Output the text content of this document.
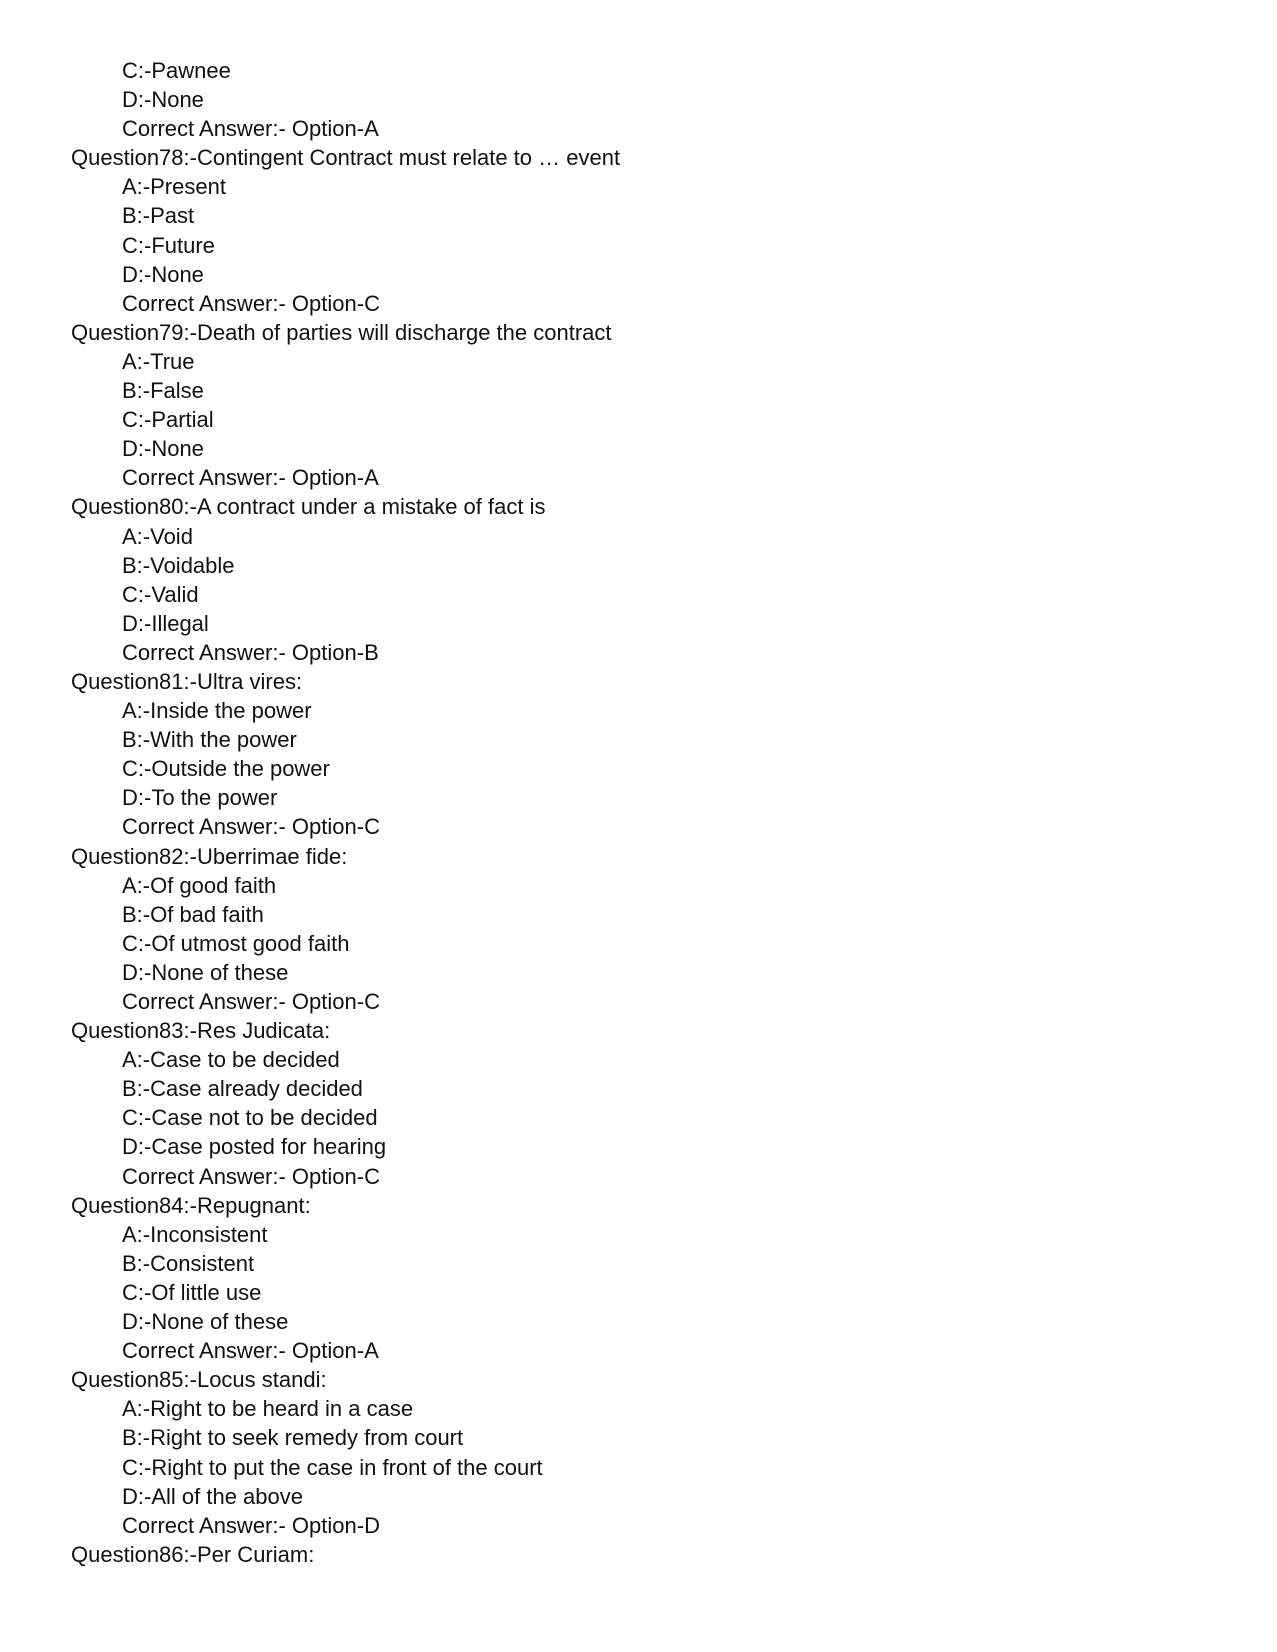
C:-Pawnee
D:-None
Correct Answer:- Option-A
Question78:-Contingent Contract must relate to … event
A:-Present
B:-Past
C:-Future
D:-None
Correct Answer:- Option-C
Question79:-Death of parties will discharge the contract
A:-True
B:-False
C:-Partial
D:-None
Correct Answer:- Option-A
Question80:-A contract under a mistake of fact is
A:-Void
B:-Voidable
C:-Valid
D:-Illegal
Correct Answer:- Option-B
Question81:-Ultra vires:
A:-Inside the power
B:-With the power
C:-Outside the power
D:-To the power
Correct Answer:- Option-C
Question82:-Uberrimae fide:
A:-Of good faith
B:-Of bad faith
C:-Of utmost good faith
D:-None of these
Correct Answer:- Option-C
Question83:-Res Judicata:
A:-Case to be decided
B:-Case already decided
C:-Case not to be decided
D:-Case posted for hearing
Correct Answer:- Option-C
Question84:-Repugnant:
A:-Inconsistent
B:-Consistent
C:-Of little use
D:-None of these
Correct Answer:- Option-A
Question85:-Locus standi:
A:-Right to be heard in a case
B:-Right to seek remedy from court
C:-Right to put the case in front of the court
D:-All of the above
Correct Answer:- Option-D
Question86:-Per Curiam:
